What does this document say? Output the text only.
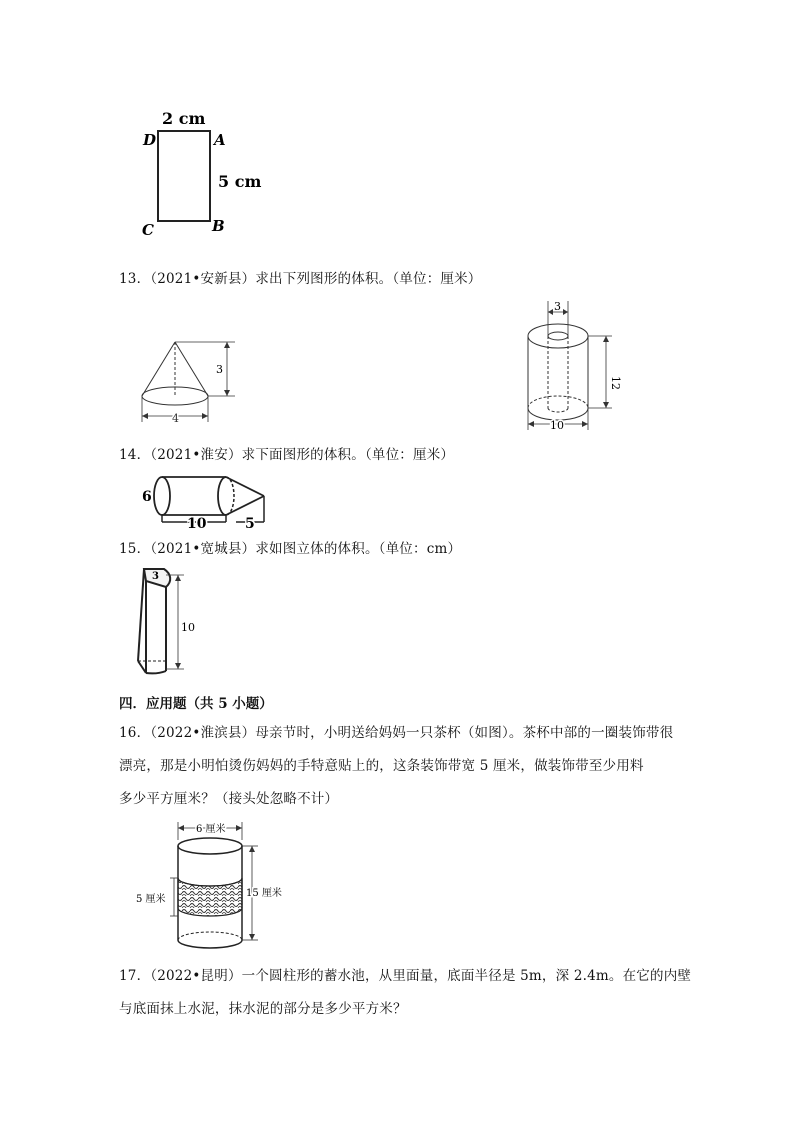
2 cm
5 cm
D	A
C	B
13．（2021•安新县）求出下列图形的体积。（单位：厘米）
3
4
3
12
10
14．（2021•淮安）求下面图形的体积。（单位：厘米）
6
10	5
15．（2021•宽城县）求如图立体的体积。（单位：cm）
3
10
四．应用题（共 5 小题）
16．（2022•淮滨县）母亲节时，小明送给妈妈一只茶杯（如图）。茶杯中部的一圈装饰带很
漂亮，那是小明怕烫伤妈妈的手特意贴上的，这条装饰带宽 5 厘米，做装饰带至少用料
多少平方厘米？（接头处忽略不计）
6 厘米
5 厘米
15 厘米
17．（2022•昆明）一个圆柱形的蓄水池，从里面量，底面半径是 5m，深 2.4m。在它的内壁
与底面抹上水泥，抹水泥的部分是多少平方米？
